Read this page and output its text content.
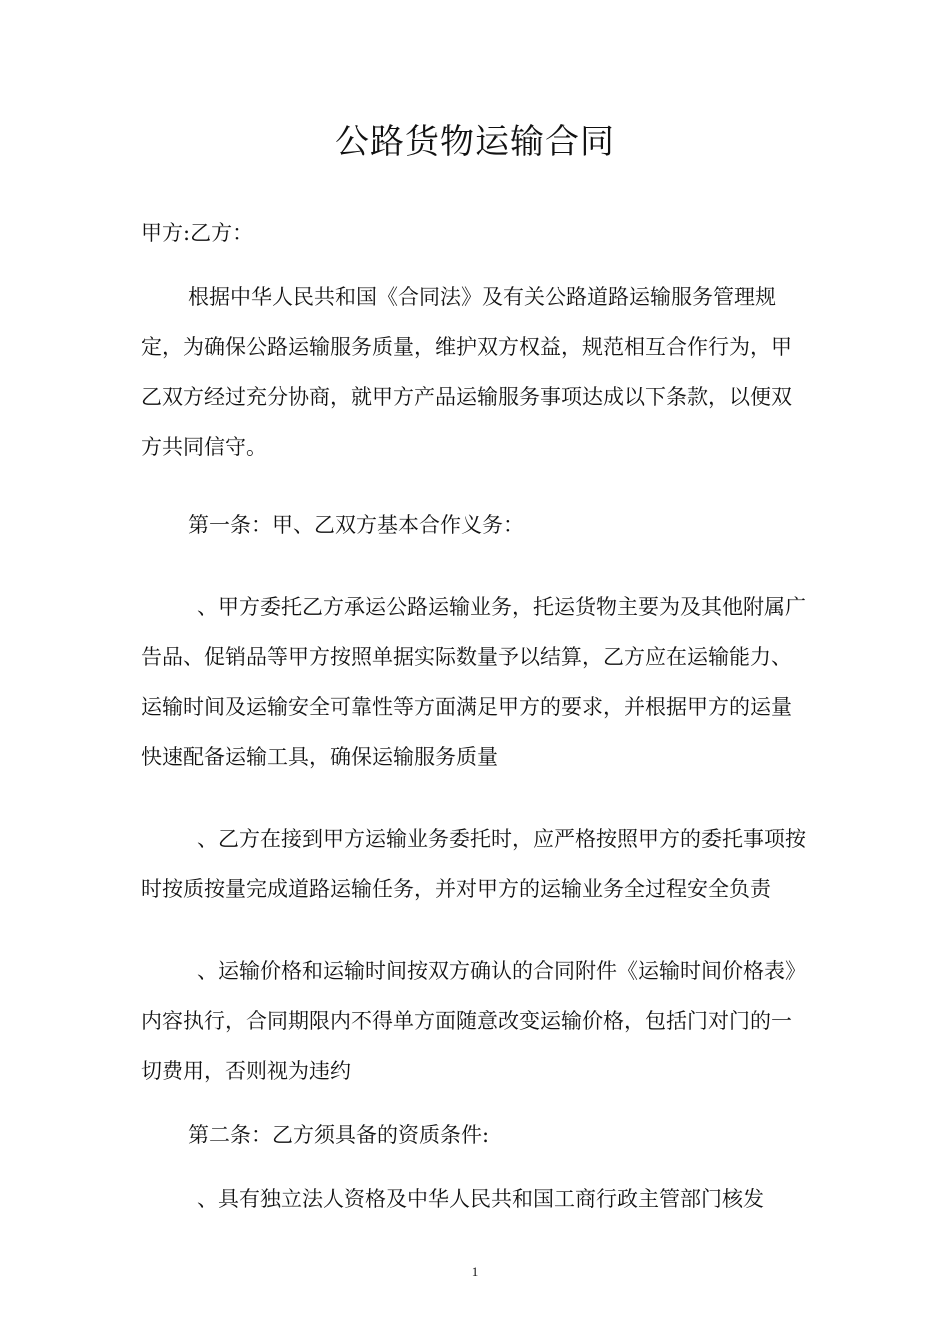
公路货物运输合同

甲方:乙方：

根据中华人民共和国《合同法》及有关公路道路运输服务管理规定，为确保公路运输服务质量，维护双方权益，规范相互合作行为，甲乙双方经过充分协商，就甲方产品运输服务事项达成以下条款，以便双方共同信守。

第一条：甲、乙双方基本合作义务：

、甲方委托乙方承运公路运输业务，托运货物主要为及其他附属广告品、促销品等甲方按照单据实际数量予以结算，乙方应在运输能力、运输时间及运输安全可靠性等方面满足甲方的要求，并根据甲方的运量快速配备运输工具，确保运输服务质量

、乙方在接到甲方运输业务委托时，应严格按照甲方的委托事项按时按质按量完成道路运输任务，并对甲方的运输业务全过程安全负责

、运输价格和运输时间按双方确认的合同附件《运输时间价格表》内容执行，合同期限内不得单方面随意改变运输价格，包括门对门的一切费用，否则视为违约

第二条：乙方须具备的资质条件:

、具有独立法人资格及中华人民共和国工商行政主管部门核发

1
